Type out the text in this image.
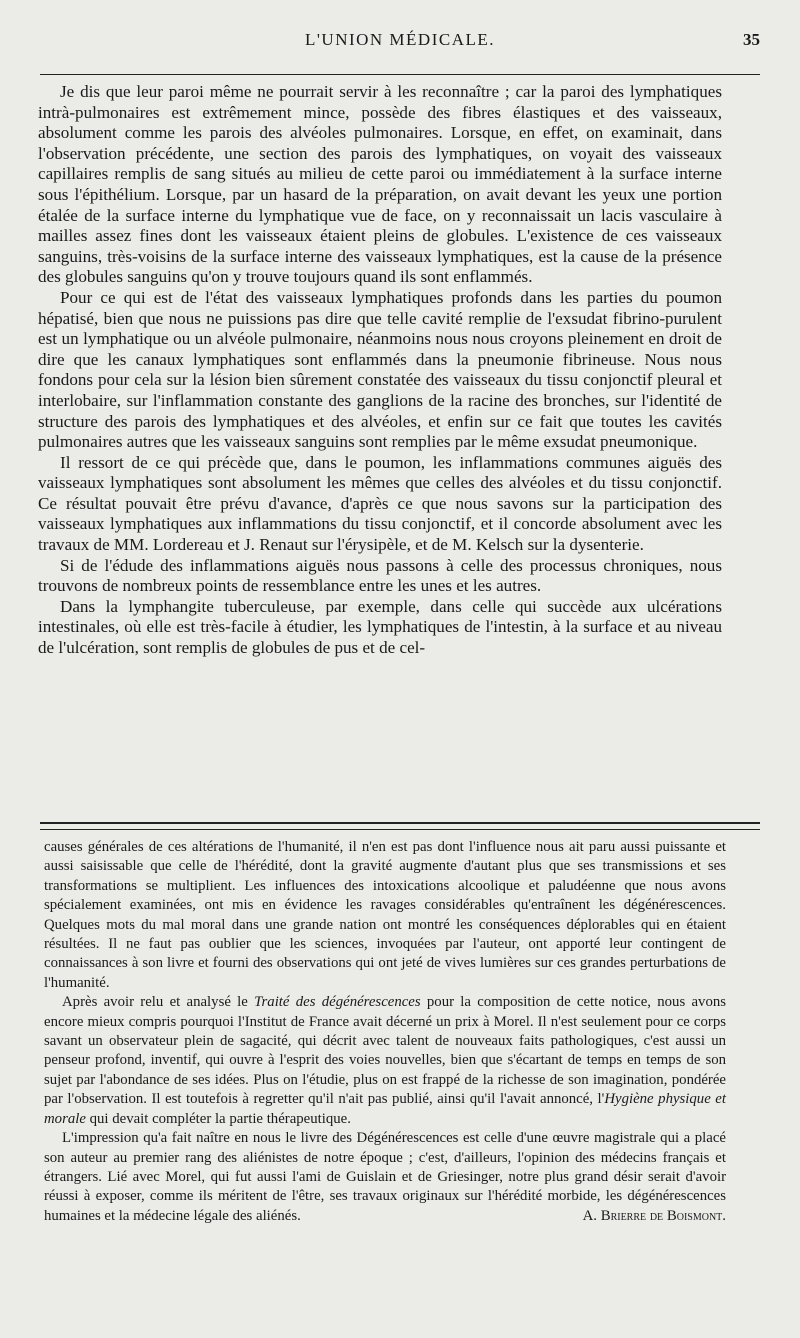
L'UNION MÉDICALE.	35

Je dis que leur paroi même ne pourrait servir à les reconnaître ; car la paroi des lymphatiques intrà-pulmonaires est extrêmement mince, possède des fibres élastiques et des vaisseaux, absolument comme les parois des alvéoles pulmonaires. Lorsque, en effet, on examinait, dans l'observation précédente, une section des parois des lymphatiques, on voyait des vaisseaux capillaires remplis de sang situés au milieu de cette paroi ou immédiatement à la surface interne sous l'épithélium. Lorsque, par un hasard de la préparation, on avait devant les yeux une portion étalée de la surface interne du lymphatique vue de face, on y reconnaissait un lacis vasculaire à mailles assez fines dont les vaisseaux étaient pleins de globules. L'existence de ces vaisseaux sanguins, très-voisins de la surface interne des vaisseaux lymphatiques, est la cause de la présence des globules sanguins qu'on y trouve toujours quand ils sont enflammés.

Pour ce qui est de l'état des vaisseaux lymphatiques profonds dans les parties du poumon hépatisé, bien que nous ne puissions pas dire que telle cavité remplie de l'exsudat fibrino-purulent est un lymphatique ou un alvéole pulmonaire, néanmoins nous nous croyons pleinement en droit de dire que les canaux lymphatiques sont enflammés dans la pneumonie fibrineuse. Nous nous fondons pour cela sur la lésion bien sûrement constatée des vaisseaux du tissu conjonctif pleural et interlobaire, sur l'inflammation constante des ganglions de la racine des bronches, sur l'identité de structure des parois des lymphatiques et des alvéoles, et enfin sur ce fait que toutes les cavités pulmonaires autres que les vaisseaux sanguins sont remplies par le même exsudat pneumonique.

Il ressort de ce qui précède que, dans le poumon, les inflammations communes aiguës des vaisseaux lymphatiques sont absolument les mêmes que celles des alvéoles et du tissu conjonctif. Ce résultat pouvait être prévu d'avance, d'après ce que nous savons sur la participation des vaisseaux lymphatiques aux inflammations du tissu conjonctif, et il concorde absolument avec les travaux de MM. Lordereau et J. Renaut sur l'érysipèle, et de M. Kelsch sur la dysenterie.

Si de l'édude des inflammations aiguës nous passons à celle des processus chroniques, nous trouvons de nombreux points de ressemblance entre les unes et les autres.

Dans la lymphangite tuberculeuse, par exemple, dans celle qui succède aux ulcérations intestinales, où elle est très-facile à étudier, les lymphatiques de l'intestin, à la surface et au niveau de l'ulcération, sont remplis de globules de pus et de cel-

causes générales de ces altérations de l'humanité, il n'en est pas dont l'influence nous ait paru aussi puissante et aussi saisissable que celle de l'hérédité, dont la gravité augmente d'autant plus que ses transmissions et ses transformations se multiplient. Les influences des intoxications alcoolique et paludéenne que nous avons spécialement examinées, ont mis en évidence les ravages considérables qu'entraînent les dégénérescences. Quelques mots du mal moral dans une grande nation ont montré les conséquences déplorables qui en étaient résultées. Il ne faut pas oublier que les sciences, invoquées par l'auteur, ont apporté leur contingent de connaissances à son livre et fourni des observations qui ont jeté de vives lumières sur ces grandes perturbations de l'humanité.

Après avoir relu et analysé le Traité des dégénérescences pour la composition de cette notice, nous avons encore mieux compris pourquoi l'Institut de France avait décerné un prix à Morel. Il n'est seulement pour ce corps savant un observateur plein de sagacité, qui décrit avec talent de nouveaux faits pathologiques, c'est aussi un penseur profond, inventif, qui ouvre à l'esprit des voies nouvelles, bien que s'écartant de temps en temps de son sujet par l'abondance de ses idées. Plus on l'étudie, plus on est frappé de la richesse de son imagination, pondérée par l'observation. Il est toutefois à regretter qu'il n'ait pas publié, ainsi qu'il l'avait annoncé, l'Hygiène physique et morale qui devait compléter la partie thérapeutique.

L'impression qu'a fait naître en nous le livre des Dégénérescences est celle d'une œuvre magistrale qui a placé son auteur au premier rang des aliénistes de notre époque ; c'est, d'ailleurs, l'opinion des médecins français et étrangers. Lié avec Morel, qui fut aussi l'ami de Guislain et de Griesinger, notre plus grand désir serait d'avoir réussi à exposer, comme ils méritent de l'être, ses travaux originaux sur l'hérédité morbide, les dégénérescences humaines et la médecine légale des aliénés.	A. Brierre de Boismont.
